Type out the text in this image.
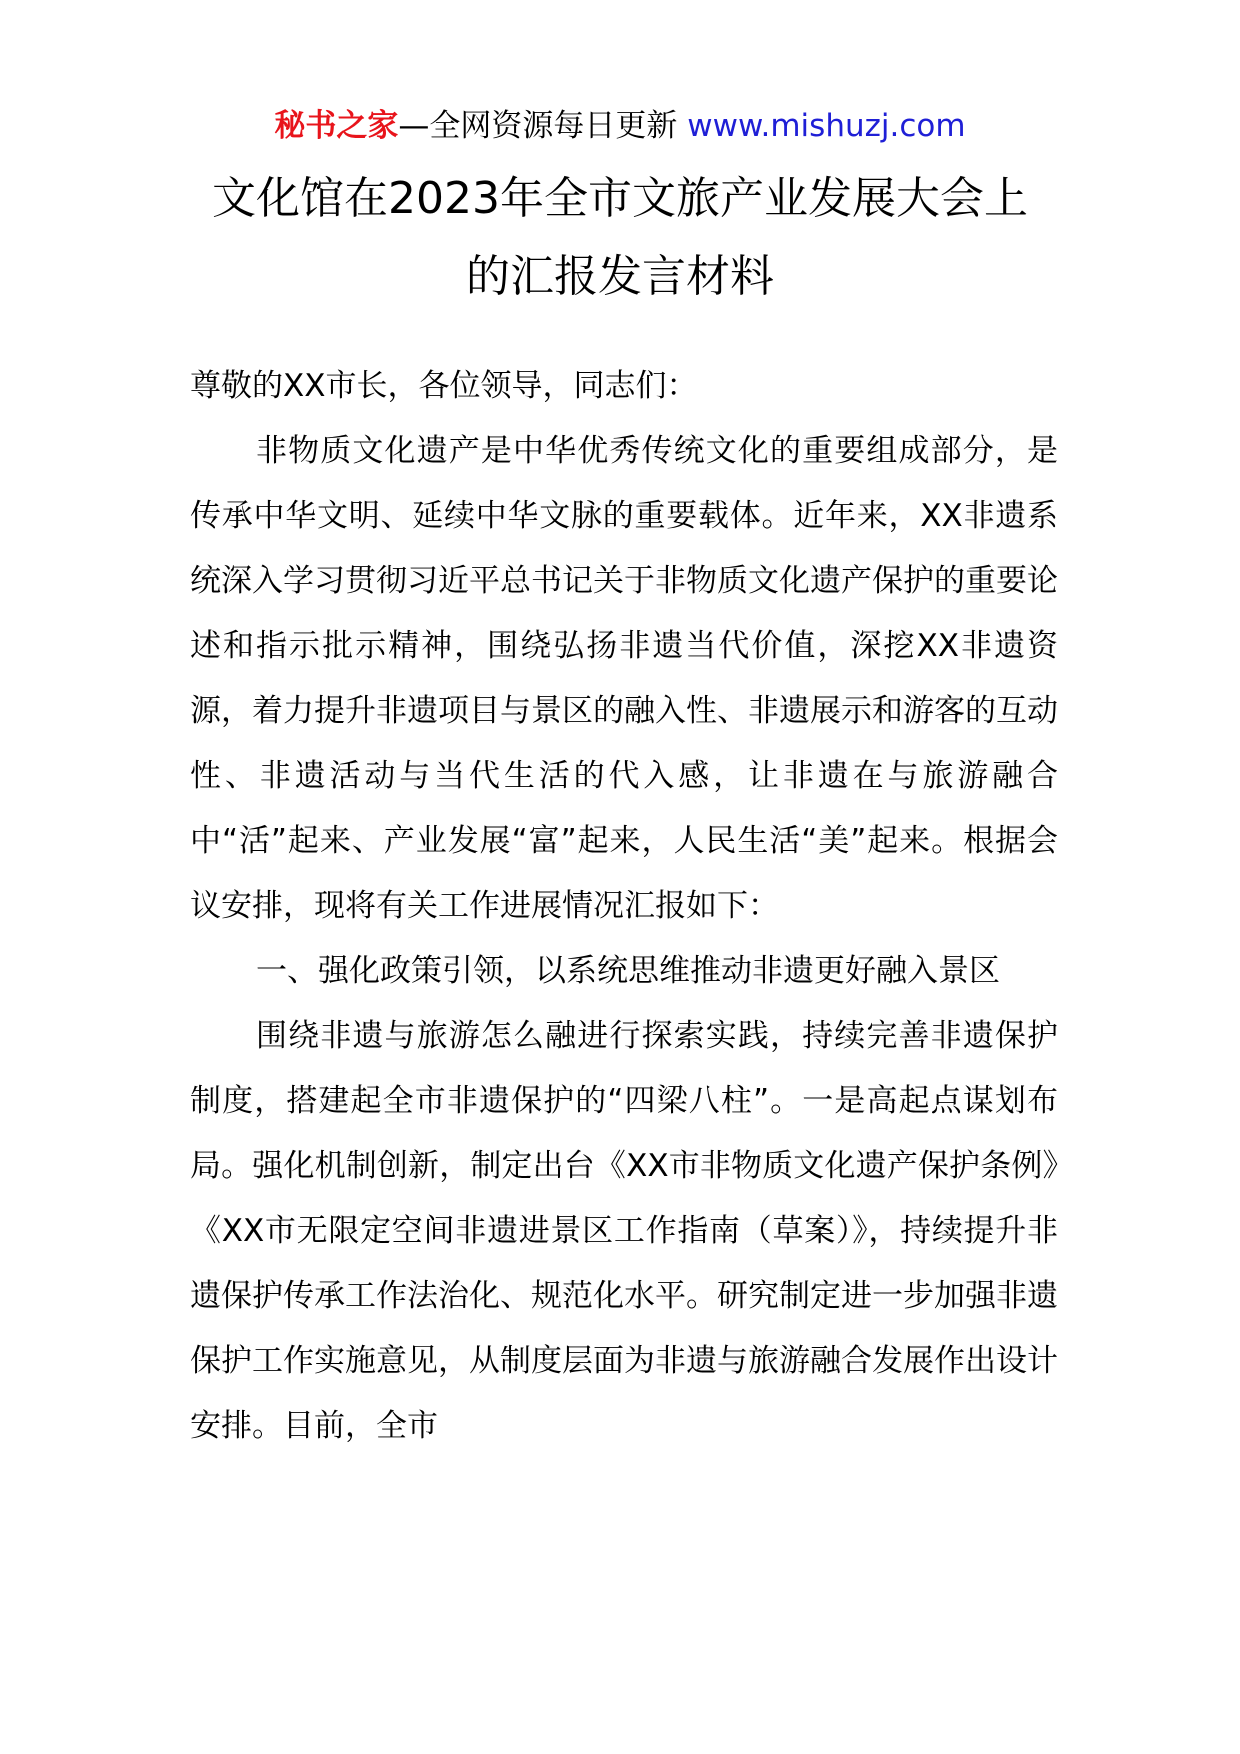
秘书之家—全网资源每日更新 www.mishuzj.com
文化馆在2023年全市文旅产业发展大会上
的汇报发言材料

尊敬的XX市长，各位领导，同志们：

非物质文化遗产是中华优秀传统文化的重要组成部分，是传承中华文明、延续中华文脉的重要载体。近年来，XX非遗系统深入学习贯彻习近平总书记关于非物质文化遗产保护的重要论述和指示批示精神，围绕弘扬非遗当代价值，深挖XX非遗资源，着力提升非遗项目与景区的融入性、非遗展示和游客的互动性、非遗活动与当代生活的代入感，让非遗在与旅游融合中“活”起来、产业发展“富”起来，人民生活“美”起来。根据会议安排，现将有关工作进展情况汇报如下：

一、强化政策引领，以系统思维推动非遗更好融入景区

围绕非遗与旅游怎么融进行探索实践，持续完善非遗保护制度，搭建起全市非遗保护的“四梁八柱”。一是高起点谋划布局。强化机制创新，制定出台《XX市非物质文化遗产保护条例》《XX市无限定空间非遗进景区工作指南（草案）》，持续提升非遗保护传承工作法治化、规范化水平。研究制定进一步加强非遗保护工作实施意见，从制度层面为非遗与旅游融合发展作出设计安排。目前，全市
